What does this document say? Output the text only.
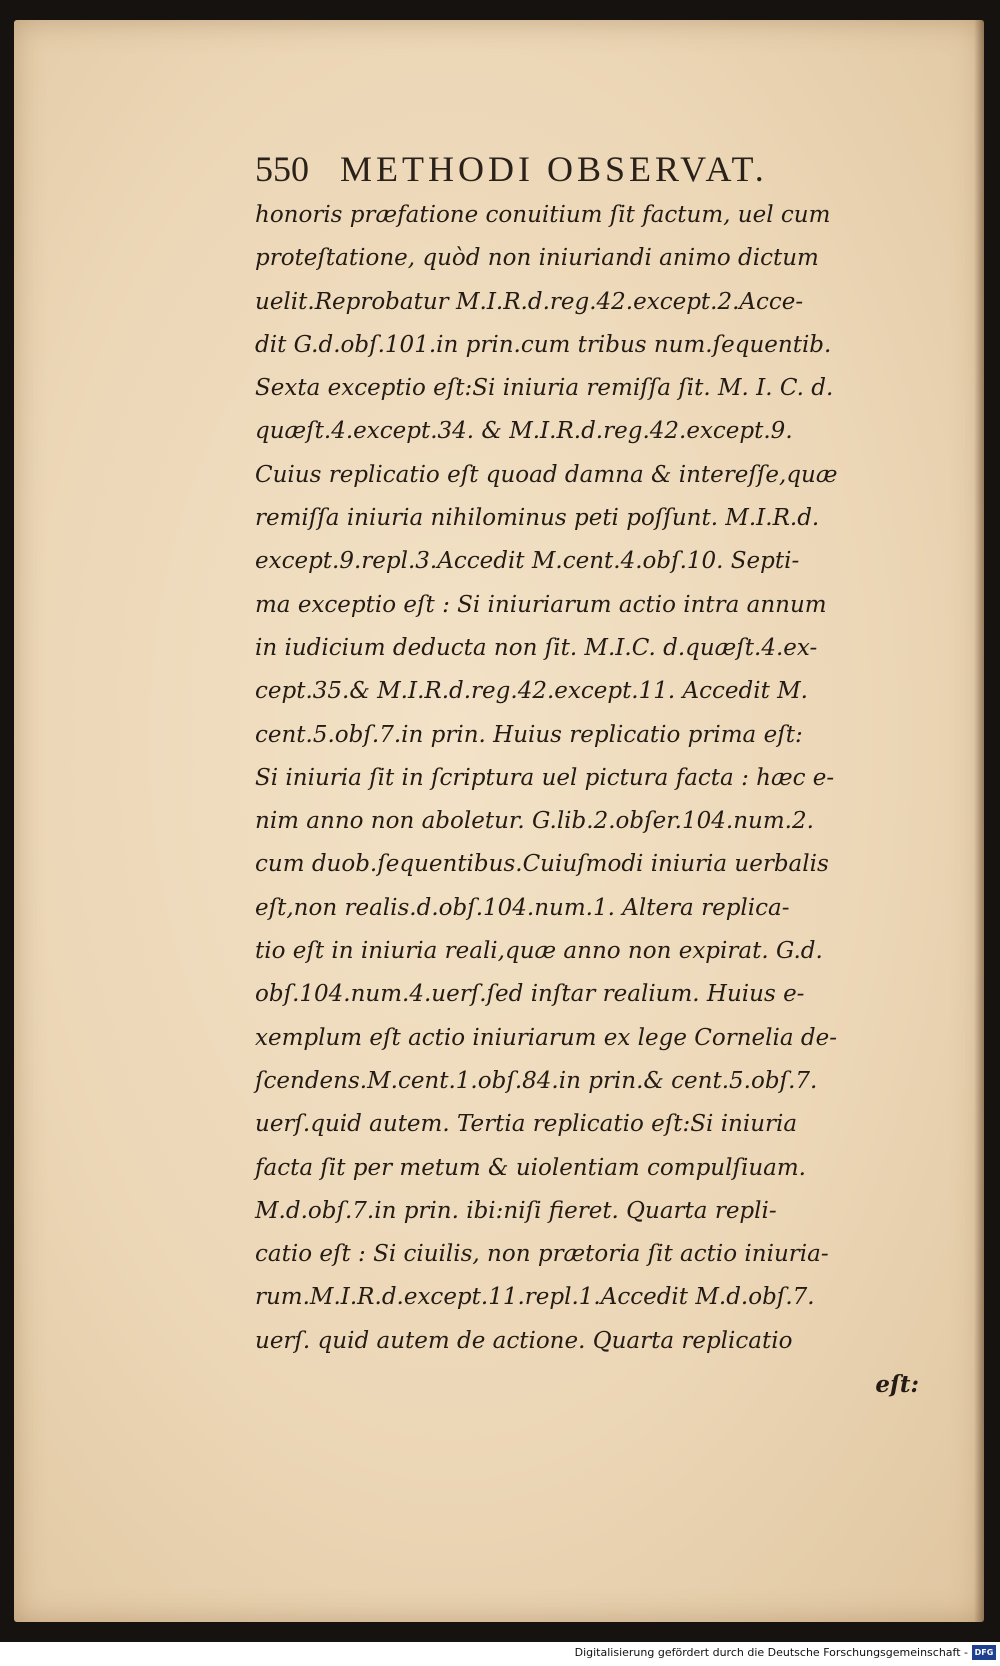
550 METHODI OBSERVAT.
honoris præfatione conuitium ſit factum, uel cum
proteſtatione, quòd non iniuriandi animo dictum
uelit.Reprobatur M.I.R.d.reg.42.except.2.Acce-
dit G.d.obſ.101.in prin.cum tribus num.ſequentib.
Sexta exceptio eſt:Si iniuria remiſſa ſit. M. I. C. d.
quæſt.4.except.34. & M.I.R.d.reg.42.except.9.
Cuius replicatio eſt quoad damna & intereſſe,quæ
remiſſa iniuria nihilominus peti poſſunt. M.I.R.d.
except.9.repl.3.Accedit M.cent.4.obſ.10. Septi-
ma exceptio eſt : Si iniuriarum actio intra annum
in iudicium deducta non ſit. M.I.C. d.quæſt.4.ex-
cept.35.& M.I.R.d.reg.42.except.11. Accedit M.
cent.5.obſ.7.in prin. Huius replicatio prima eſt:
Si iniuria ſit in ſcriptura uel pictura facta : hæc e-
nim anno non aboletur. G.lib.2.obſer.104.num.2.
cum duob.ſequentibus.Cuiuſmodi iniuria uerbalis
eſt,non realis.d.obſ.104.num.1. Altera replica-
tio eſt in iniuria reali,quæ anno non expirat. G.d.
obſ.104.num.4.uerſ.ſed inſtar realium. Huius e-
xemplum eſt actio iniuriarum ex lege Cornelia de-
ſcendens.M.cent.1.obſ.84.in prin.& cent.5.obſ.7.
uerſ.quid autem. Tertia replicatio eſt:Si iniuria
facta ſit per metum & uiolentiam compulſiuam.
M.d.obſ.7.in prin. ibi:niſi fieret. Quarta repli-
catio eſt : Si ciuilis, non prætoria ſit actio iniuria-
rum.M.I.R.d.except.11.repl.1.Accedit M.d.obſ.7.
uerſ. quid autem de actione. Quarta replicatio
eſt:
Digitalisierung gefördert durch die Deutsche Forschungsgemeinschaft - DFG
